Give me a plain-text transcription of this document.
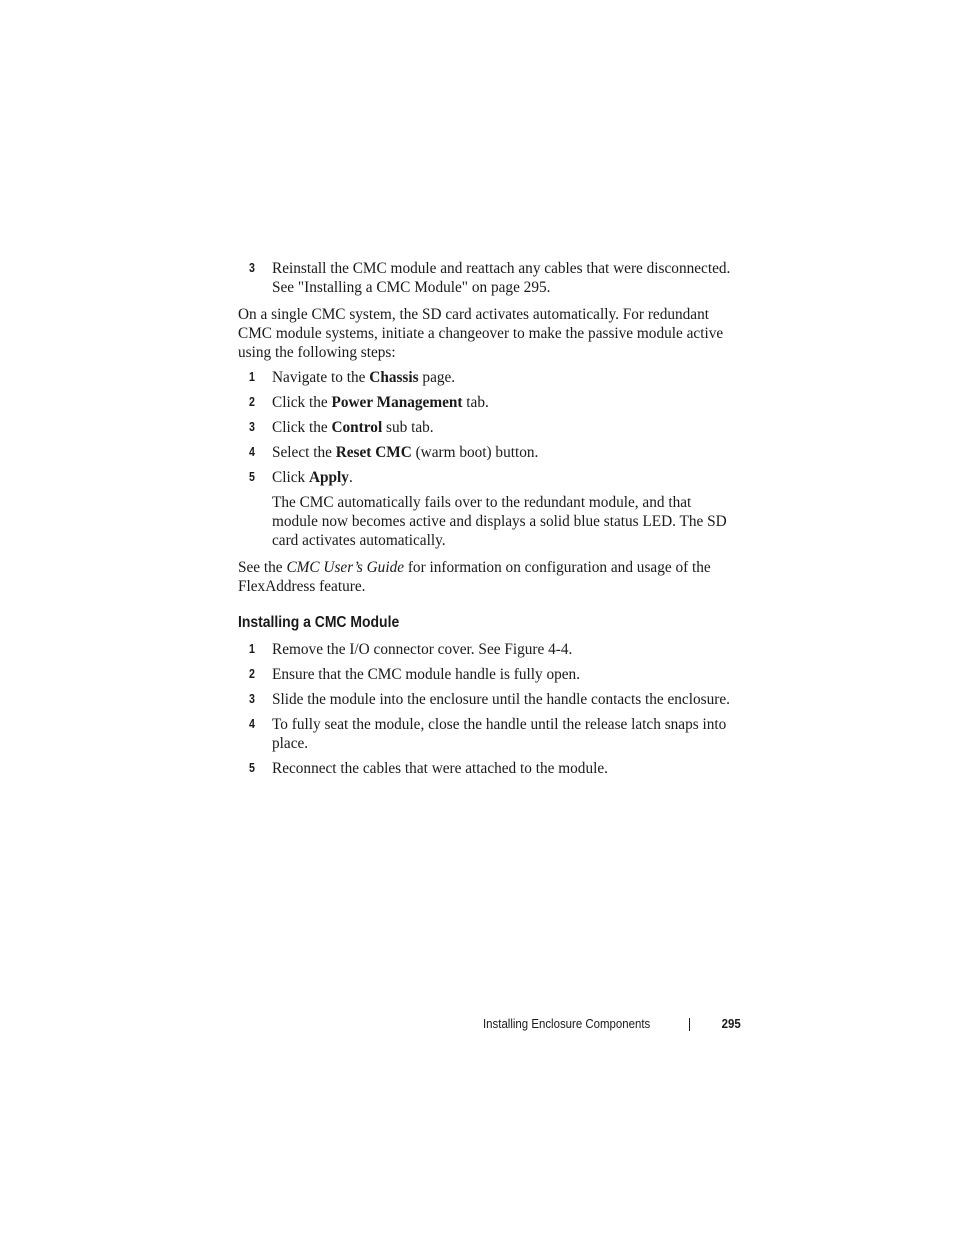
3 Reinstall the CMC module and reattach any cables that were disconnected. See "Installing a CMC Module" on page 295.

On a single CMC system, the SD card activates automatically. For redundant CMC module systems, initiate a changeover to make the passive module active using the following steps:

1 Navigate to the Chassis page.
2 Click the Power Management tab.
3 Click the Control sub tab.
4 Select the Reset CMC (warm boot) button.
5 Click Apply.

The CMC automatically fails over to the redundant module, and that module now becomes active and displays a solid blue status LED. The SD card activates automatically.

See the CMC User’s Guide for information on configuration and usage of the FlexAddress feature.

Installing a CMC Module
1 Remove the I/O connector cover. See Figure 4-4.
2 Ensure that the CMC module handle is fully open.
3 Slide the module into the enclosure until the handle contacts the enclosure.
4 To fully seat the module, close the handle until the release latch snaps into place.
5 Reconnect the cables that were attached to the module.
Installing Enclosure Components	295
